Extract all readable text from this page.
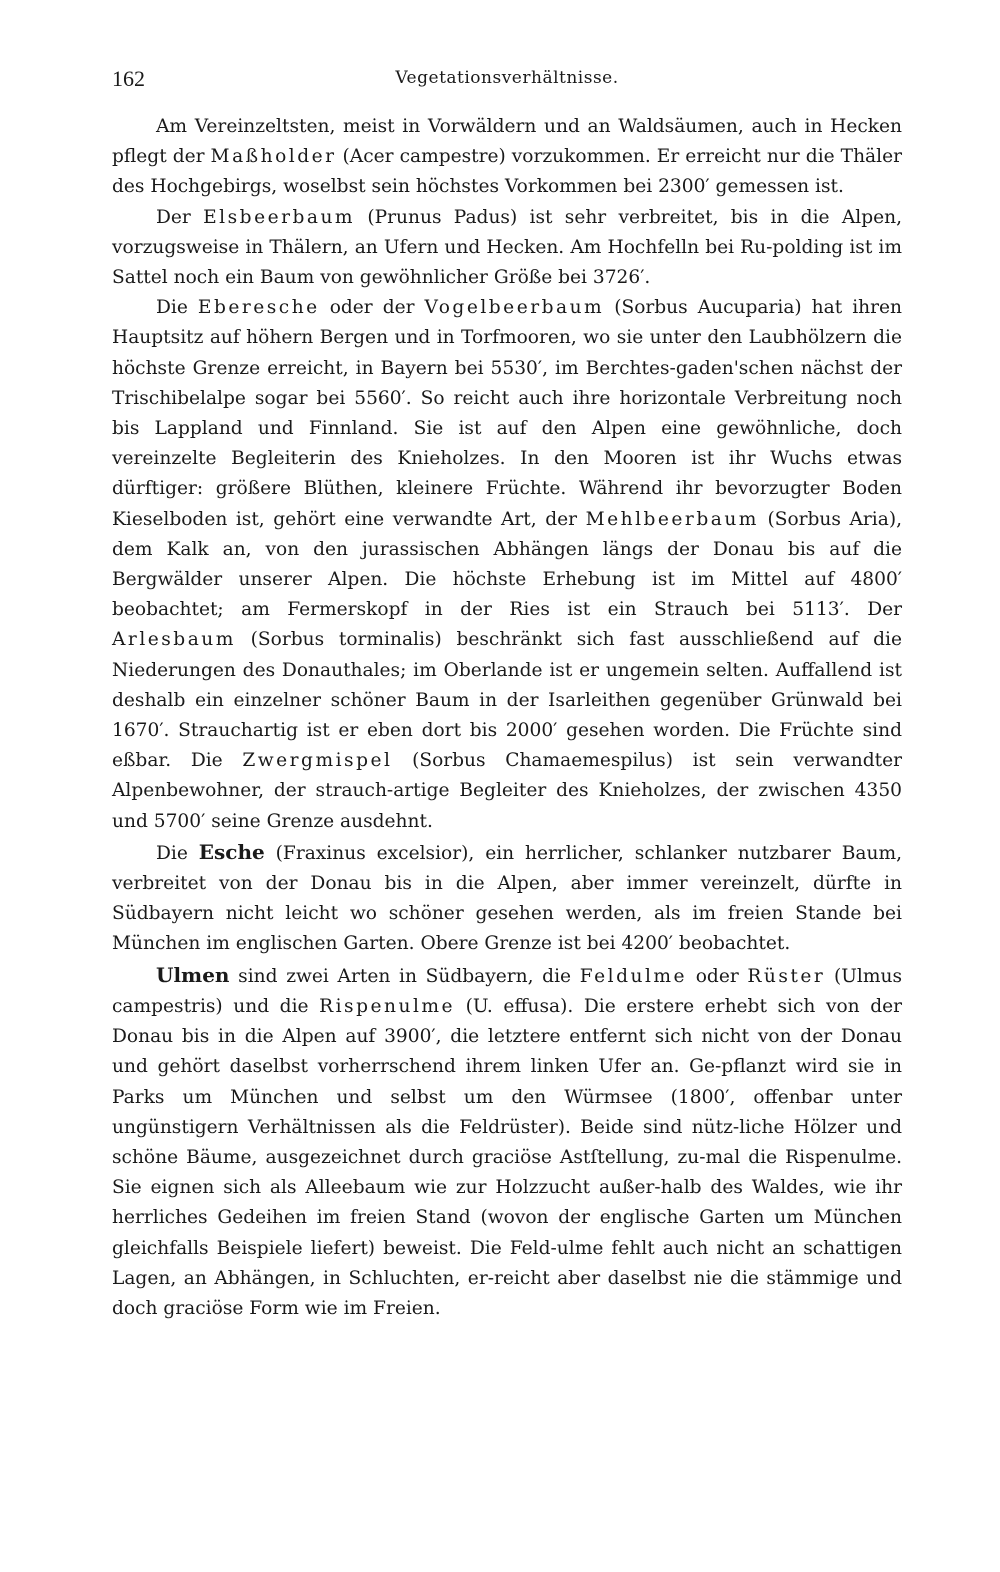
162	Vegetationsverhältnisse.

Am Vereinzeltsten, meist in Vorwäldern und an Waldsäumen, auch in Hecken pflegt der Maßholder (Acer campestre) vorzukommen. Er erreicht nur die Thäler des Hochgebirgs, woselbst sein höchstes Vorkommen bei 2300′ gemessen ist.

Der Elsbeerbaum (Prunus Padus) ist sehr verbreitet, bis in die Alpen, vorzugsweise in Thälern, an Ufern und Hecken. Am Hochfelln bei Ru-polding ist im Sattel noch ein Baum von gewöhnlicher Größe bei 3726′.

Die Eberesche oder der Vogelbeerbaum (Sorbus Aucuparia) hat ihren Hauptsitz auf höhern Bergen und in Torfmooren, wo sie unter den Laubhölzern die höchste Grenze erreicht, in Bayern bei 5530′, im Berchtes-gaden'schen nächst der Trischibelalpe sogar bei 5560′. So reicht auch ihre horizontale Verbreitung noch bis Lappland und Finnland. Sie ist auf den Alpen eine gewöhnliche, doch vereinzelte Begleiterin des Knieholzes. In den Mooren ist ihr Wuchs etwas dürftiger: größere Blüthen, kleinere Früchte. Während ihr bevorzugter Boden Kieselboden ist, gehört eine verwandte Art, der Mehlbeerbaum (Sorbus Aria), dem Kalk an, von den jurassischen Abhängen längs der Donau bis auf die Bergwälder unserer Alpen. Die höchste Erhebung ist im Mittel auf 4800′ beobachtet; am Fermerskopf in der Ries ist ein Strauch bei 5113′. Der Arlesbaum (Sorbus torminalis) beschränkt sich fast ausschließend auf die Niederungen des Donauthales; im Oberlande ist er ungemein selten. Auffallend ist deshalb ein einzelner schöner Baum in der Isarleithen gegenüber Grünwald bei 1670′. Strauchartig ist er eben dort bis 2000′ gesehen worden. Die Früchte sind eßbar. Die Zwergmispel (Sorbus Chamaemespilus) ist sein verwandter Alpenbewohner, der strauch-artige Begleiter des Knieholzes, der zwischen 4350 und 5700′ seine Grenze ausdehnt.

Die Esche (Fraxinus excelsior), ein herrlicher, schlanker nutzbarer Baum, verbreitet von der Donau bis in die Alpen, aber immer vereinzelt, dürfte in Südbayern nicht leicht wo schöner gesehen werden, als im freien Stande bei München im englischen Garten. Obere Grenze ist bei 4200′ beobachtet.

Ulmen sind zwei Arten in Südbayern, die Feldulme oder Rüster (Ulmus campestris) und die Rispenulme (U. effusa). Die erstere erhebt sich von der Donau bis in die Alpen auf 3900′, die letztere entfernt sich nicht von der Donau und gehört daselbst vorherrschend ihrem linken Ufer an. Ge-pflanzt wird sie in Parks um München und selbst um den Würmsee (1800′, offenbar unter ungünstigern Verhältnissen als die Feldrüster). Beide sind nütz-liche Hölzer und schöne Bäume, ausgezeichnet durch graciöse Astſtellung, zu-mal die Rispenulme. Sie eignen sich als Alleebaum wie zur Holzzucht außer-halb des Waldes, wie ihr herrliches Gedeihen im freien Stand (wovon der englische Garten um München gleichfalls Beispiele liefert) beweist. Die Feld-ulme fehlt auch nicht an schattigen Lagen, an Abhängen, in Schluchten, er-reicht aber daselbst nie die stämmige und doch graciöse Form wie im Freien.
